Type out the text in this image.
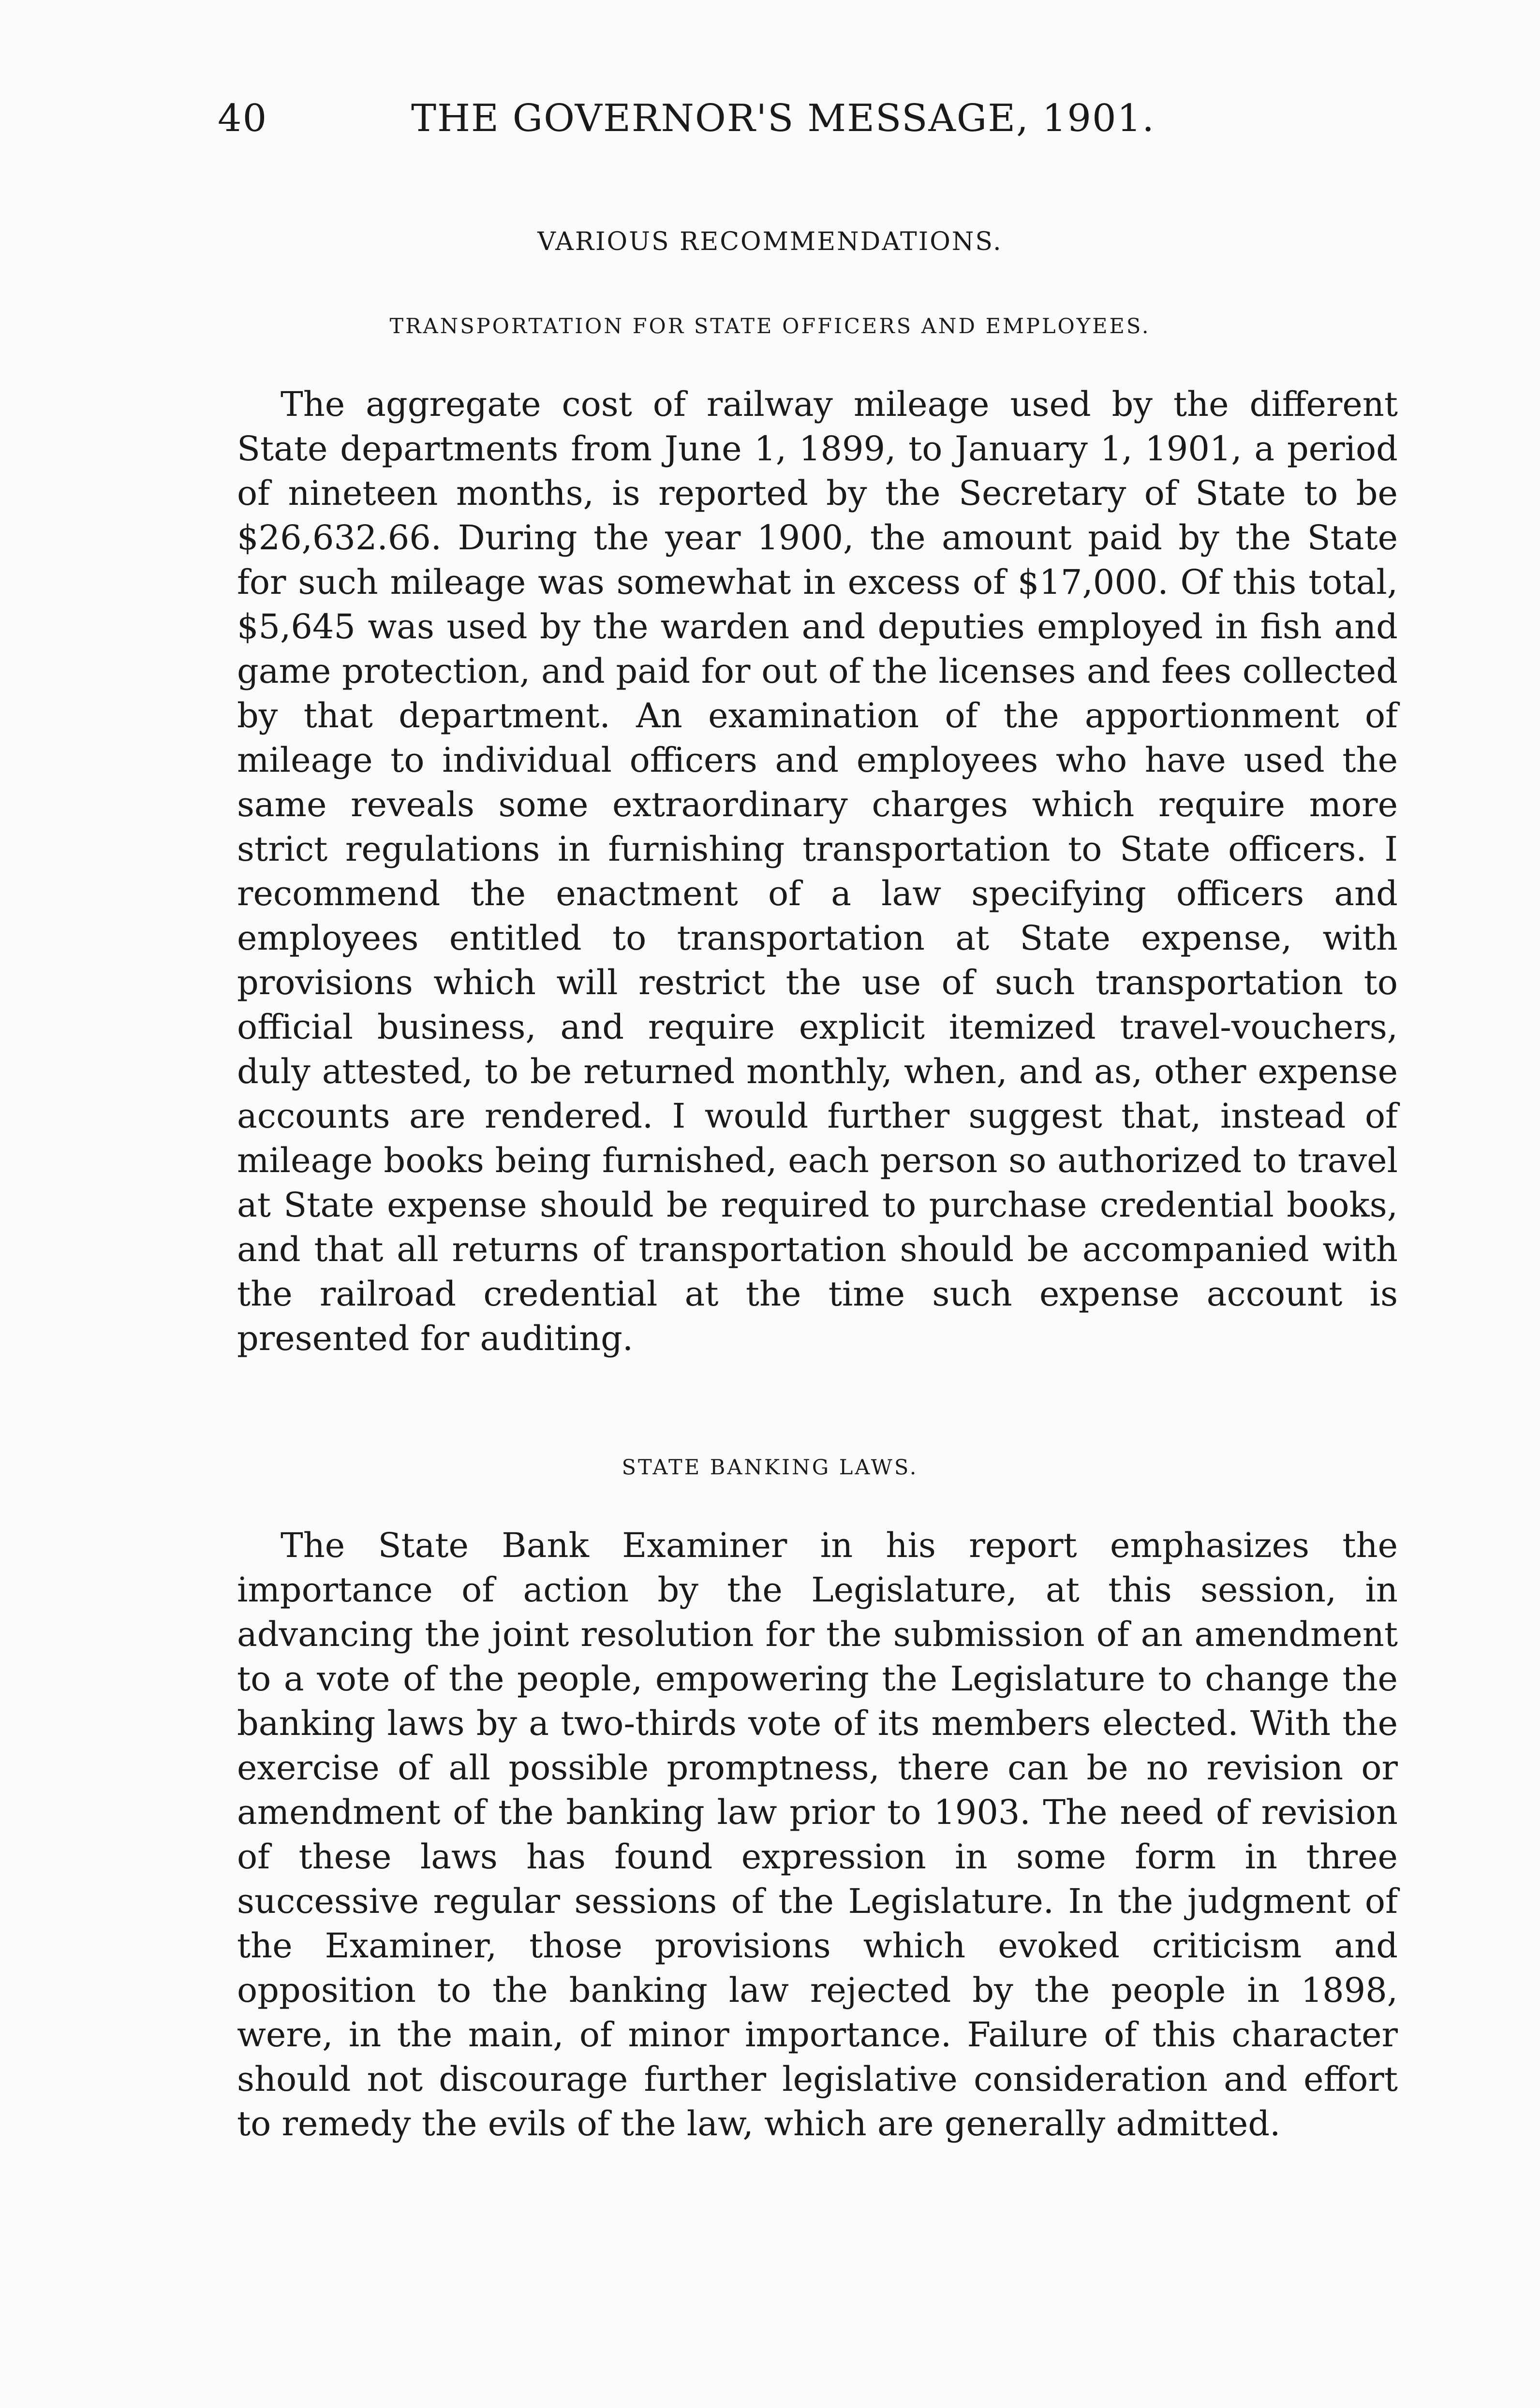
40	THE GOVERNOR'S MESSAGE, 1901.
VARIOUS RECOMMENDATIONS.
TRANSPORTATION FOR STATE OFFICERS AND EMPLOYEES.

The aggregate cost of railway mileage used by the different State departments from June 1, 1899, to January 1, 1901, a period of nineteen months, is reported by the Secretary of State to be $26,632.66. During the year 1900, the amount paid by the State for such mileage was somewhat in excess of $17,000. Of this total, $5,645 was used by the warden and deputies employed in fish and game protection, and paid for out of the licenses and fees collected by that department. An examination of the apportionment of mileage to individual officers and employees who have used the same reveals some extraordinary charges which require more strict regulations in furnishing transportation to State officers. I recommend the enactment of a law specifying officers and employees entitled to transportation at State expense, with provisions which will restrict the use of such transportation to official business, and require explicit itemized travel-vouchers, duly attested, to be returned monthly, when, and as, other expense accounts are rendered. I would further suggest that, instead of mileage books being furnished, each person so authorized to travel at State expense should be required to purchase credential books, and that all returns of transportation should be accompanied with the railroad credential at the time such expense account is presented for auditing.

STATE BANKING LAWS.

The State Bank Examiner in his report emphasizes the importance of action by the Legislature, at this session, in advancing the joint resolution for the submission of an amendment to a vote of the people, empowering the Legislature to change the banking laws by a two-thirds vote of its members elected. With the exercise of all possible promptness, there can be no revision or amendment of the banking law prior to 1903. The need of revision of these laws has found expression in some form in three successive regular sessions of the Legislature. In the judgment of the Examiner, those provisions which evoked criticism and opposition to the banking law rejected by the people in 1898, were, in the main, of minor importance. Failure of this character should not discourage further legislative consideration and effort to remedy the evils of the law, which are generally admitted.
